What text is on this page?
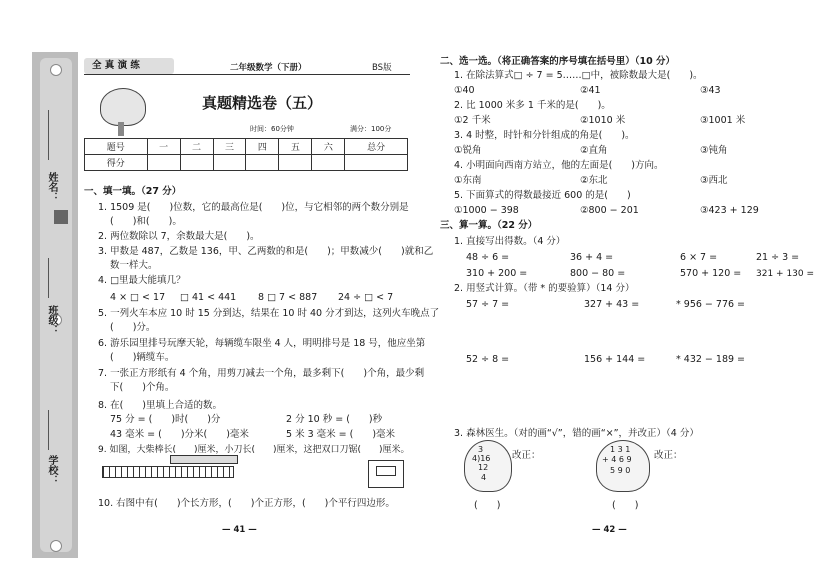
姓名：
班级：
学校：
全 真 演 练	二年级数学（下册）	BS版
真题精选卷（五）
时间：60分钟	满分：100分
题号	一	二	三	四	五	六	总分
得分							
一、填一填。（27 分）
1. 1509 是(　　)位数，它的最高位是(　　)位，与它相邻的两个数分别是
(　　)和(　　)。
2. 两位数除以 7，余数最大是(　　)。
3. 甲数是 487，乙数是 136，甲、乙两数的和是(　　)；甲数减少(　　)就和乙
数一样大。
4. □里最大能填几？
4 × □ < 17 □ 41 < 441 8 □ 7 < 887 24 ÷ □ < 7
5. 一列火车本应 10 时 15 分到达，结果在 10 时 40 分才到达，这列火车晚点了
(　　)分。
6. 游乐园里排号玩摩天轮，每辆缆车限坐 4 人，明明排号是 18 号，他应坐第
(　　)辆缆车。
7. 一张正方形纸有 4 个角，用剪刀减去一个角，最多剩下(　　)个角，最少剩
下(　　)个角。
8. 在(　　)里填上合适的数。
75 分 = (　　)时(　　)分	2 分 10 秒 = (　　)秒
43 毫米 = (　　)分米(　　)毫米	5 米 3 毫米 = (　　)毫米
9. 如图，大柴棒长(　　)厘米，小刀长(　　)厘米，这把双口刀锯(　　)厘米。
10. 右图中有(　　)个长方形，(　　)个正方形，(　　)个平行四边形。
— 41 —
二、选一选。（将正确答案的序号填在括号里）（10 分）
1. 在除法算式□ ÷ 7 = 5……□中，被除数最大是(　　)。
①40	②41	③43
2. 比 1000 米多 1 千米的是(　　)。
①2 千米	②1010 米	③1001 米
3. 4 时整，时针和分针组成的角是(　　)。
①锐角	②直角	③钝角
4. 小明面向西南方站立，他的左面是(　　)方向。
①东南	②东北	③西北
5. 下面算式的得数最接近 600 的是(　　)
①1000 − 398	②800 − 201	③423 + 129
三、算一算。（22 分）
1. 直接写出得数。（4 分）
48 ÷ 6 =	36 + 4 =	6 × 7 =	21 ÷ 3 =
310 + 200 =	800 − 80 =	570 + 120 = 321 + 130 =
2. 用竖式计算。（带 * 的要验算）（14 分）
57 ÷ 7 =	327 + 43 =	* 956 − 776 =
52 ÷ 8 =	156 + 144 =	* 432 − 189 =
3. 森林医生。（对的画“√”，错的画“×”，并改正）（4 分）
3
4)16
12
4
改正：
(　　)
1 3 1
+ 4 6 9
5 9 0
改正：
(　　)
— 42 —
